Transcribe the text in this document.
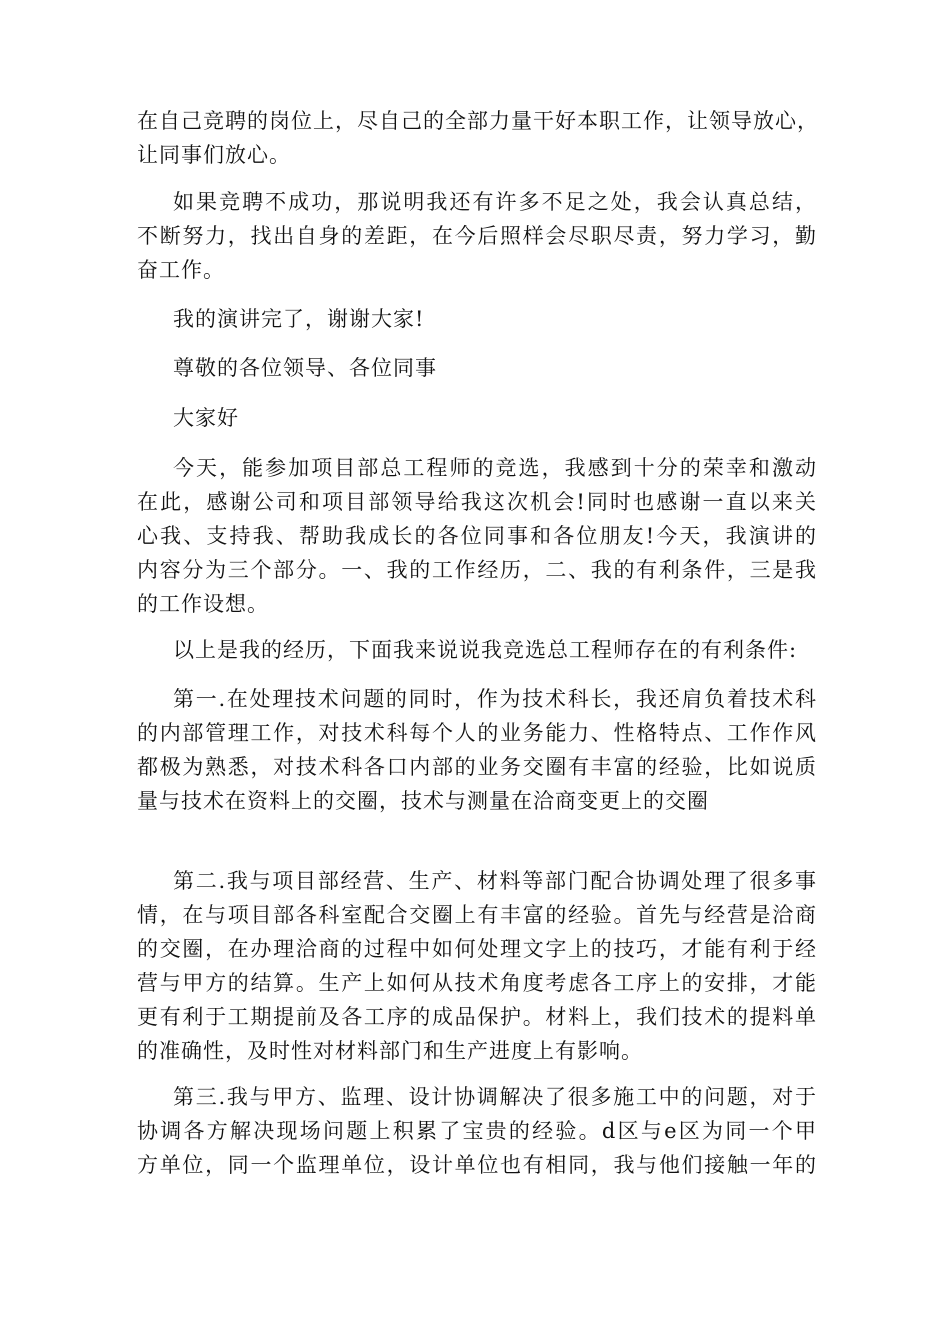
在自己竞聘的岗位上，尽自己的全部力量干好本职工作，让领导放心，
让同事们放心。
如果竞聘不成功，那说明我还有许多不足之处，我会认真总结，
不断努力，找出自身的差距，在今后照样会尽职尽责，努力学习，勤
奋工作。
我的演讲完了，谢谢大家!
尊敬的各位领导、各位同事
大家好
今天，能参加项目部总工程师的竞选，我感到十分的荣幸和激动
在此，感谢公司和项目部领导给我这次机会!同时也感谢一直以来关
心我、支持我、帮助我成长的各位同事和各位朋友!今天，我演讲的
内容分为三个部分。一、我的工作经历，二、我的有利条件，三是我
的工作设想。
以上是我的经历，下面我来说说我竞选总工程师存在的有利条件:
第一.在处理技术问题的同时，作为技术科长，我还肩负着技术科
的内部管理工作，对技术科每个人的业务能力、性格特点、工作作风
都极为熟悉，对技术科各口内部的业务交圈有丰富的经验，比如说质
量与技术在资料上的交圈，技术与测量在洽商变更上的交圈
第二.我与项目部经营、生产、材料等部门配合协调处理了很多事
情，在与项目部各科室配合交圈上有丰富的经验。首先与经营是洽商
的交圈，在办理洽商的过程中如何处理文字上的技巧，才能有利于经
营与甲方的结算。生产上如何从技术角度考虑各工序上的安排，才能
更有利于工期提前及各工序的成品保护。材料上，我们技术的提料单
的准确性，及时性对材料部门和生产进度上有影响。
第三.我与甲方、监理、设计协调解决了很多施工中的问题，对于
协调各方解决现场问题上积累了宝贵的经验。d区与e区为同一个甲
方单位，同一个监理单位，设计单位也有相同，我与他们接触一年的
